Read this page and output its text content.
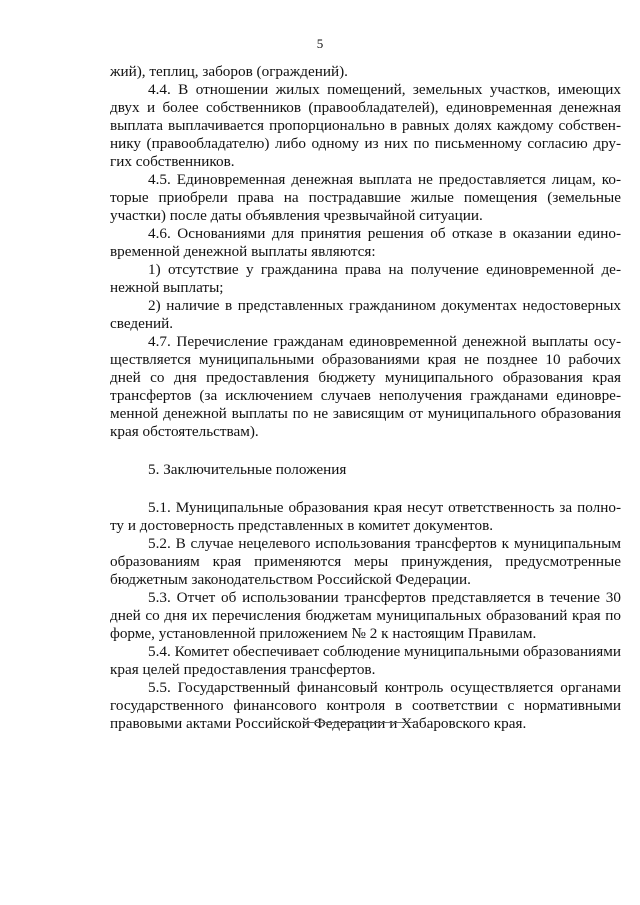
5

жий), теплиц, заборов (ограждений).

4.4. В отношении жилых помещений, земельных участков, имеющих двух и более собственников (правообладателей), единовременная денежная выплата выплачивается пропорционально в равных долях каждому собственнику (правообладателю) либо одному из них по письменному согласию других собственников.

4.5. Единовременная денежная выплата не предоставляется лицам, которые приобрели права на пострадавшие жилые помещения (земельные участки) после даты объявления чрезвычайной ситуации.

4.6. Основаниями для принятия решения об отказе в оказании единовременной денежной выплаты являются:

1) отсутствие у гражданина права на получение единовременной денежной выплаты;

2) наличие в представленных гражданином документах недостоверных сведений.

4.7. Перечисление гражданам единовременной денежной выплаты осуществляется муниципальными образованиями края не позднее 10 рабочих дней со дня предоставления бюджету муниципального образования края трансфертов (за исключением случаев неполучения гражданами единовременной денежной выплаты по не зависящим от муниципального образования края обстоятельствам).

5. Заключительные положения

5.1. Муниципальные образования края несут ответственность за полноту и достоверность представленных в комитет документов.

5.2. В случае нецелевого использования трансфертов к муниципальным образованиям края применяются меры принуждения, предусмотренные бюджетным законодательством Российской Федерации.

5.3. Отчет об использовании трансфертов представляется в течение 30 дней со дня их перечисления бюджетам муниципальных образований края по форме, установленной приложением № 2 к настоящим Правилам.

5.4. Комитет обеспечивает соблюдение муниципальными образованиями края целей предоставления трансфертов.

5.5. Государственный финансовый контроль осуществляется органами государственного финансового контроля в соответствии с нормативными правовыми актами Российской Федерации и Хабаровского края.
